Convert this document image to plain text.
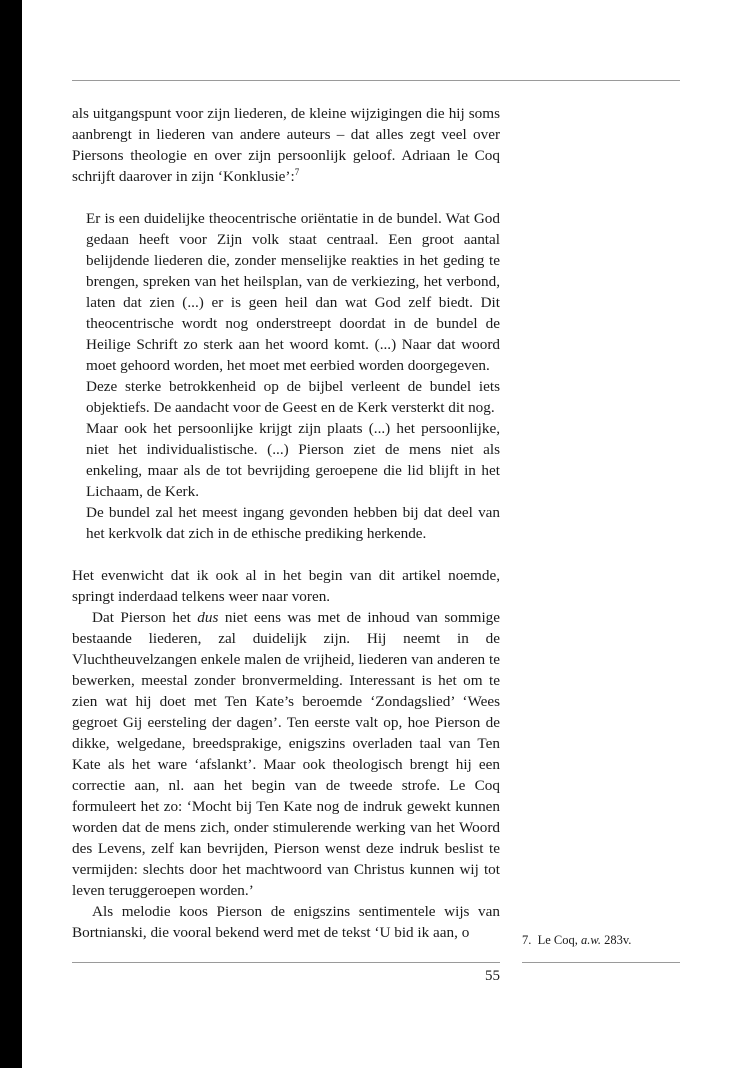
als uitgangspunt voor zijn liederen, de kleine wijzigingen die hij soms aanbrengt in liederen van andere auteurs – dat alles zegt veel over Piersons theologie en over zijn persoonlijk geloof. Adriaan le Coq schrijft daarover in zijn ‘Konklusie’:$^7$

Er is een duidelijke theocentrische oriëntatie in de bundel. Wat God gedaan heeft voor Zijn volk staat centraal. Een groot aantal belijdende liederen die, zonder menselijke reakties in het geding te brengen, spreken van het heilsplan, van de verkiezing, het verbond, laten dat zien (...) er is geen heil dan wat God zelf biedt. Dit theocentrische wordt nog onderstreept doordat in de bundel de Heilige Schrift zo sterk aan het woord komt. (...) Naar dat woord moet gehoord worden, het moet met eerbied worden doorgegeven.

Deze sterke betrokkenheid op de bijbel verleent de bundel iets objektiefs. De aandacht voor de Geest en de Kerk versterkt dit nog.

Maar ook het persoonlijke krijgt zijn plaats (...) het persoonlijke, niet het individualistische. (...) Pierson ziet de mens niet als enkeling, maar als de tot bevrijding geroepene die lid blijft in het Lichaam, de Kerk.

De bundel zal het meest ingang gevonden hebben bij dat deel van het kerkvolk dat zich in de ethische prediking herkende.

Het evenwicht dat ik ook al in het begin van dit artikel noemde, springt inderdaad telkens weer naar voren.

Dat Pierson het dus niet eens was met de inhoud van sommige bestaande liederen, zal duidelijk zijn. Hij neemt in de Vluchtheuvelzangen enkele malen de vrijheid, liederen van anderen te bewerken, meestal zonder bronvermelding. Interessant is het om te zien wat hij doet met Ten Kate’s beroemde ‘Zondagslied’ ‘Wees gegroet Gij eersteling der dagen’. Ten eerste valt op, hoe Pierson de dikke, welgedane, breedsprakige, enigszins overladen taal van Ten Kate als het ware ‘afslankt’. Maar ook theologisch brengt hij een correctie aan, nl. aan het begin van de tweede strofe. Le Coq formuleert het zo: ‘Mocht bij Ten Kate nog de indruk gewekt kunnen worden dat de mens zich, onder stimulerende werking van het Woord des Levens, zelf kan bevrijden, Pierson wenst deze indruk beslist te vermijden: slechts door het machtwoord van Christus kunnen wij tot leven teruggeroepen worden.’

Als melodie koos Pierson de enigszins sentimentele wijs van Bortnianski, die vooral bekend werd met de tekst ‘U bid ik aan, o	7. Le Coq, a.w. 283v.
55
